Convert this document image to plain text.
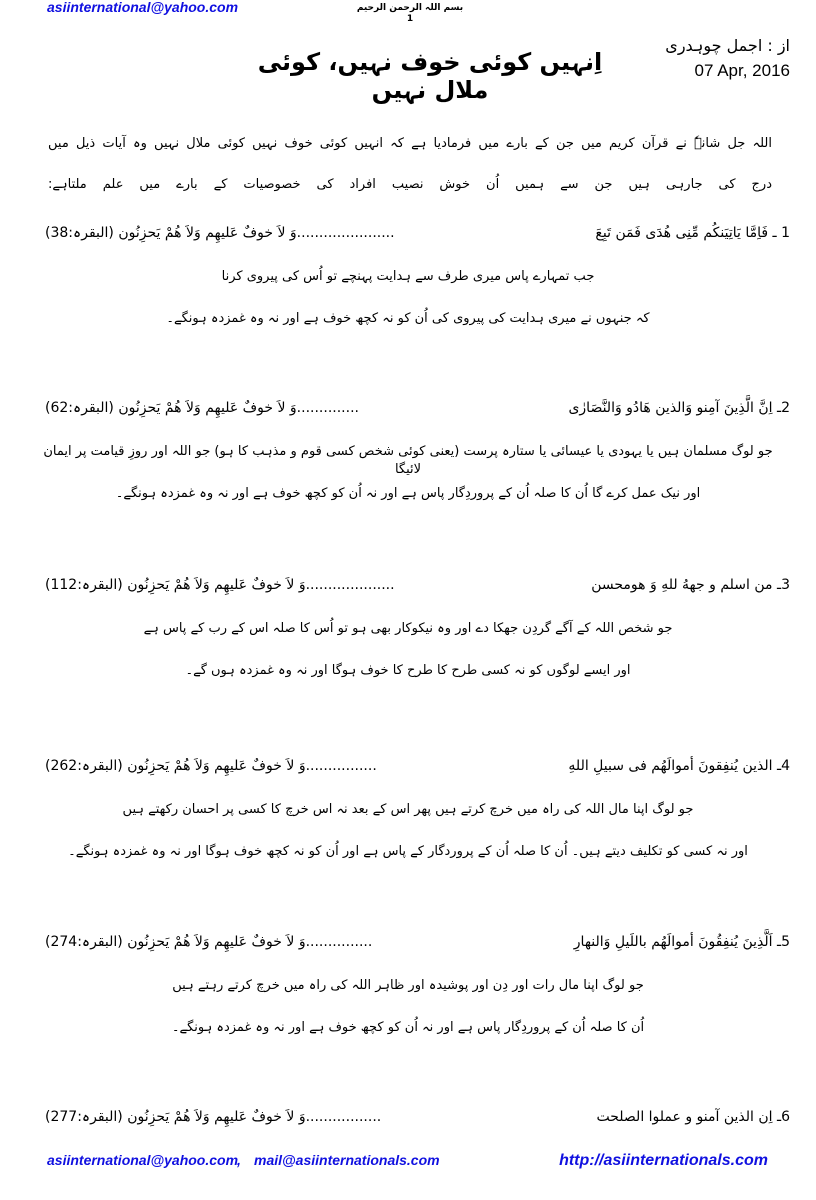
asiinternational@yahoo.com	بسم اللہ الرحمن الرحیم
1
از : اجمل چوہدری
07 Apr, 2016
اِنہیں کوئی خوف نہیں، کوئی ملال نہیں
اللہ جل شانہٗ نے قرآن کریم میں جن کے بارے میں فرمادیا ہے کہ انہیں کوئی خوف نہیں کوئی ملال نہیں وہ آیات ذیل میں
درج کی جارہی ہیں جن سے ہمیں اُن خوش نصیب افراد کی خصوصیات کے بارے میں علم ملتاہے:
1 ـ فَاِمَّا یَاتِیَنکُم مِّنِی ھُدَی فَمَن تَبِعَ
......................وَ لاَ خوفٌ عَلیھِم وَلاَ ھُمْ یَحزِنُون (البقرہ:38)
جب تمہارے پاس میری طرف سے ہدایت پہنچے تو اُس کی پیروی کرنا
کہ جنہوں نے میری ہدایت کی پیروی کی اُن کو نہ کچھ خوف ہے اور نہ وہ غمزدہ ہونگے۔
2ـ اِنَّ الَّذِینَ آمِنو وَالذین ھَادُو وَالنَّصَارٰی
..............وَ لاَ خوفٌ عَلیھِم وَلاَ ھُمْ یَحزِنُون (البقرہ:62)
جو لوگ مسلمان ہیں یا یہودی یا عیسائی یا ستارہ پرست (یعنی کوئی شخص کسی قوم و مذہب کا ہو) جو اللہ اور روزِ قیامت پر ایمان لائیگا
اور نیک عمل کرے گا اُن کا صلہ اُن کے پروردِگار پاس ہے اور نہ اُن کو کچھ خوف ہے اور نہ وہ غمزدہ ہونگے۔
3ـ من اسلم و جھهُ للهِ وَ ھومحسن
....................وَ لاَ خوفٌ عَلیھِم وَلاَ ھُمْ یَحزِنُون (البقرہ:112)
جو شخص اللہ کے آگے گردِن جھکا دے اور وہ نیکوکار بھی ہو تو اُس کا صلہ اس کے رب کے پاس ہے
اور ایسے لوگوں کو نہ کسی طرح کا طرح کا خوف ہوگا اور نہ وہ غمزدہ ہوں گے۔
4ـ الذین یُنفِقونَ أموالَھُم فی سبیلِ اللهِ
................وَ لاَ خوفٌ عَلیھِم وَلاَ ھُمْ یَحزِنُون (البقرہ:262)
جو لوگ اپنا مال اللہ کی راہ میں خرچ کرتے ہیں پھر اس کے بعد نہ اس خرچ کا کسی پر احسان رکھتے ہیں
اور نہ کسی کو تکلیف دیتے ہیں۔ اُن کا صلہ اُن کے پروردگار کے پاس ہے اور اُن کو نہ کچھ خوف ہوگا اور نہ وہ غمزدہ ہونگے۔
5ـ اَلَّذِینَ یُنفِقُونَ أموالَھُم باللَیلِ وَالنھارِ
...............وَ لاَ خوفٌ عَلیھِم وَلاَ ھُمْ یَحزِنُون (البقرہ:274)
جو لوگ اپنا مال رات اور دِن اور پوشیدہ اور ظاہر اللہ کی راہ میں خرچ کرتے رہتے ہیں
اُن کا صلہ اُن کے پروردِگار پاس ہے اور نہ اُن کو کچھ خوف ہے اور نہ وہ غمزدہ ہونگے۔
6ـ اِن الذین آمنو و عملوا الصلحت
.................وَ لاَ خوفٌ عَلیھِم وَلاَ ھُمْ یَحزِنُون (البقرہ:277)
asiinternational@yahoo.com
, mail@asiinternationals.com	http://asiinternationals.com
